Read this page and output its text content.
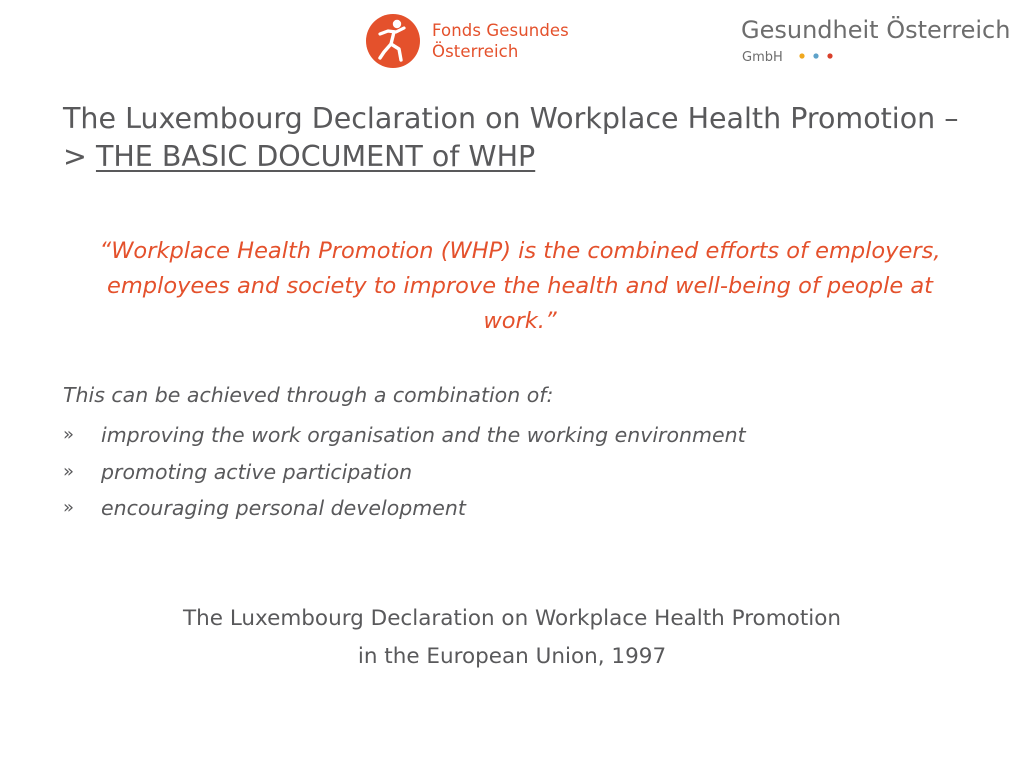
Fonds Gesundes
Österreich
Gesundheit Österreich
GmbH
The Luxembourg Declaration on Workplace Health Promotion –> THE BASIC DOCUMENT of WHP
“Workplace Health Promotion (WHP) is the combined efforts of employers, employees and society to improve the health and well-being of people at work.”
This can be achieved through a combination of:
» improving the work organisation and the working environment
» promoting active participation
» encouraging personal development
The Luxembourg Declaration on Workplace Health Promotion
in the European Union, 1997
